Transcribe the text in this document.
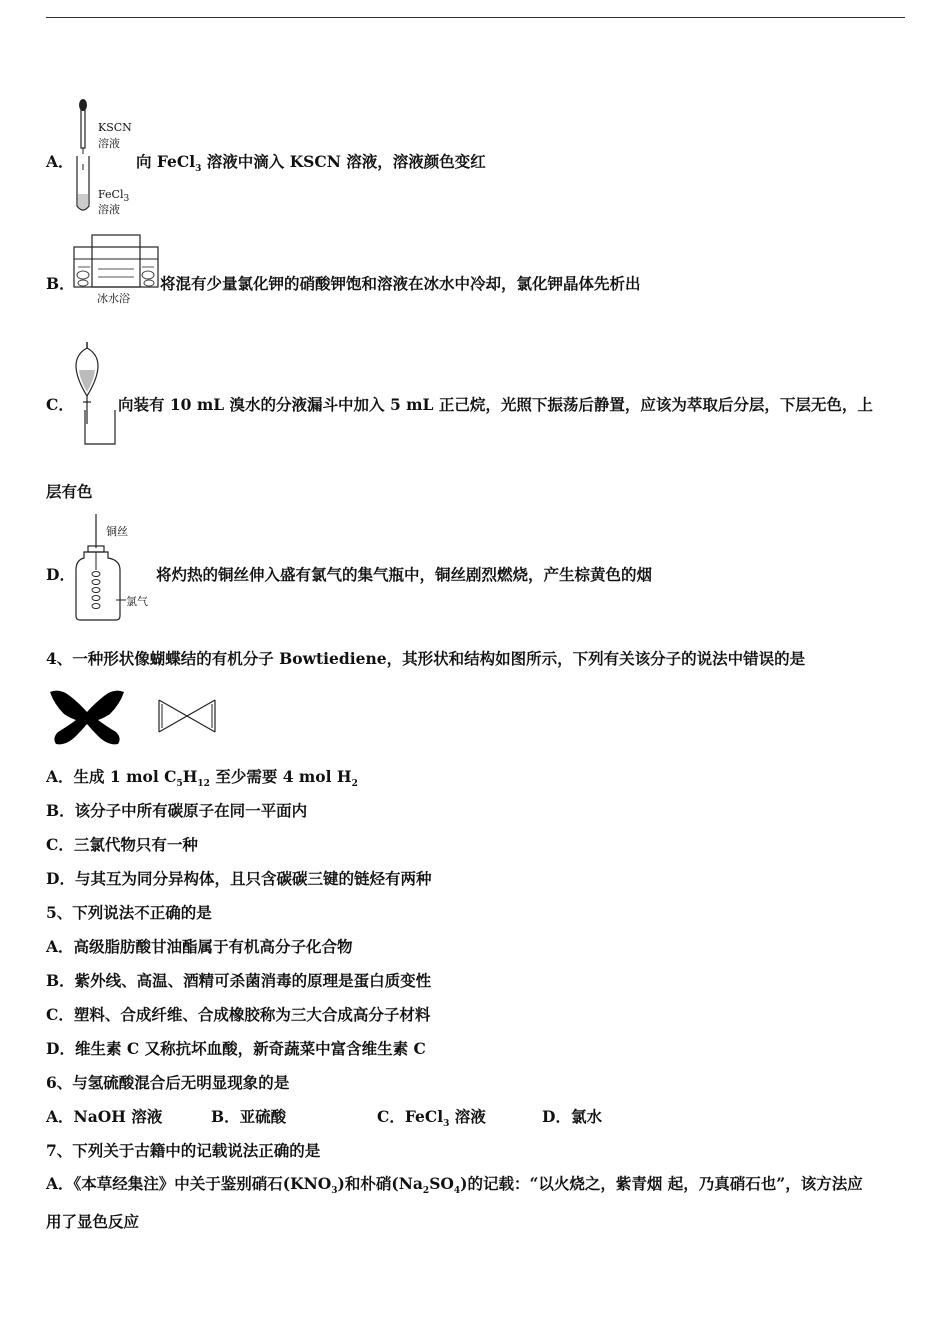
A．
KSCN
溶液
FeCl$_3$
溶液
向 FeCl$_3$ 溶液中滴入 KSCN 溶液，溶液颜色变红
B．
冰水浴
将混有少量氯化钾的硝酸钾饱和溶液在冰水中冷却，氯化钾晶体先析出
C．	向装有 10 mL 溴水的分液漏斗中加入 5 mL 正己烷，光照下振荡后静置，应该为萃取后分层，下层无色，上
层有色
D．
铜丝
氯气
将灼热的铜丝伸入盛有氯气的集气瓶中，铜丝剧烈燃烧，产生棕黄色的烟
4、一种形状像蝴蝶结的有机分子 Bowtiediene，其形状和结构如图所示，下列有关该分子的说法中错误的是
A．生成 1 mol $C_5H_{12}$ 至少需要 4 mol $H_2$
B．该分子中所有碳原子在同一平面内
C．三氯代物只有一种
D．与其互为同分异构体，且只含碳碳三键的链烃有两种
5、下列说法不正确的是
A．高级脂肪酸甘油酯属于有机高分子化合物
B．紫外线、高温、酒精可杀菌消毒的原理是蛋白质变性
C．塑料、合成纤维、合成橡胶称为三大合成高分子材料
D．维生素 C 又称抗坏血酸，新奇蔬菜中富含维生素 C
6、与氢硫酸混合后无明显现象的是
A．NaOH 溶液	B．亚硫酸	C．FeCl$_3$ 溶液	D．氯水
7、下列关于古籍中的记载说法正确的是
A．《本草经集注》中关于鉴别硝石$(KNO_3)$和朴硝$(Na_2SO_4)$的记载：“以火烧之，紫青烟 起，乃真硝石也”，该方法应
用了显色反应
